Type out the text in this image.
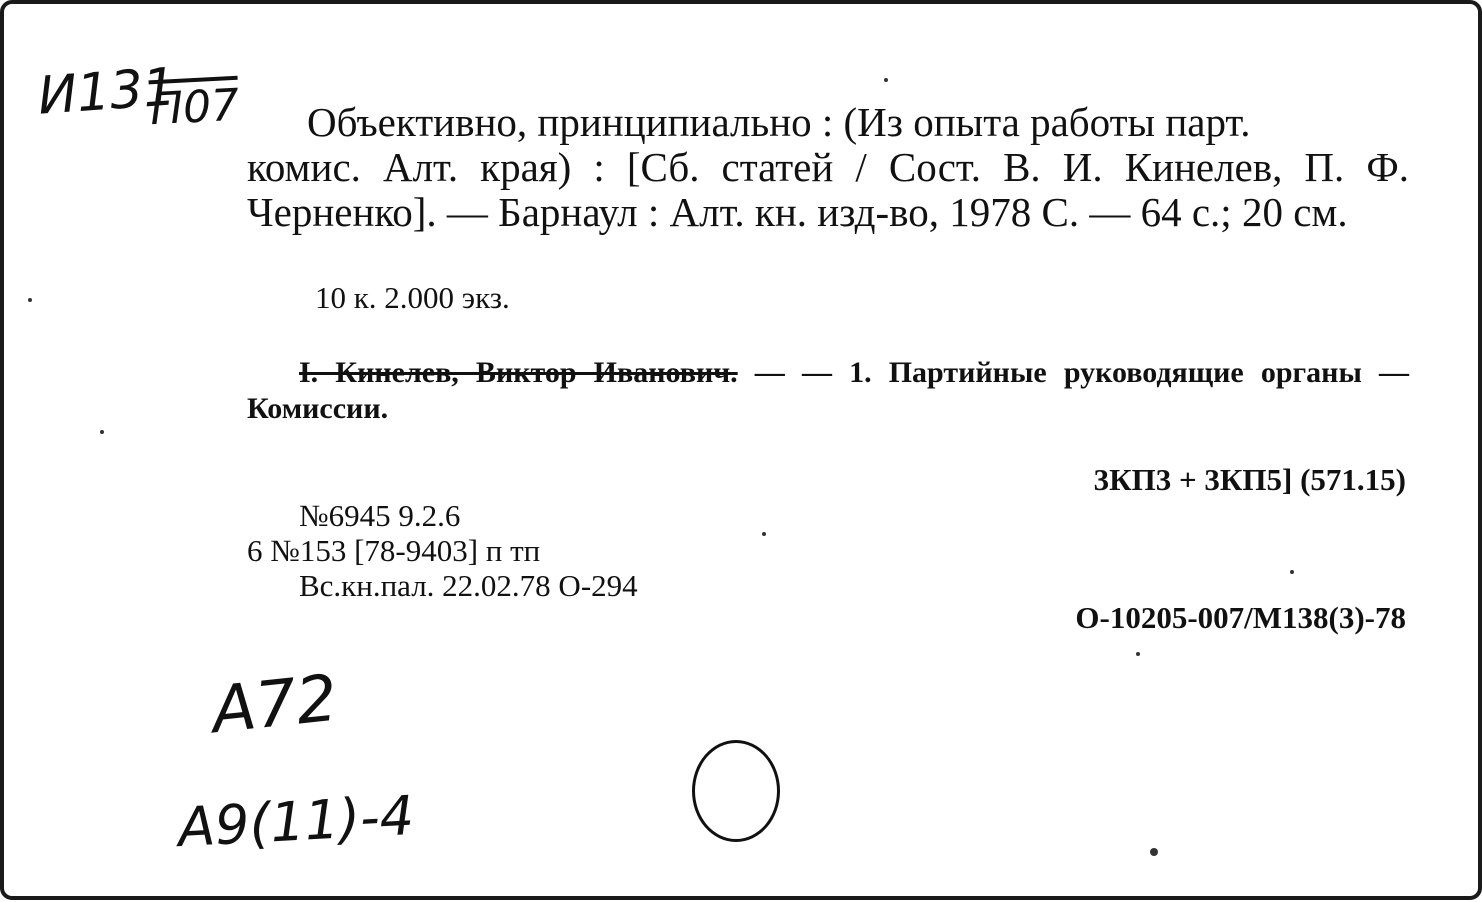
И131
П07 Объективно, принципиально : (Из опыта работы парт.
комис. Алт. края) : [Сб. статей / Сост. В. И. Кинелев, П. Ф. Черненко]. — Барнаул : Алт. кн. изд-во, 1978 С. — 64 с.; 20 см.
10 к. 2.000 экз.
I. Кинелев, Виктор Иванович. — — 1. Партийные руководящие органы — Комиссии.
3КП3 + 3КП5] (571.15)
№6945 9.2.6
6 №153 [78-9403] п тп
Вс.кн.пал. 22.02.78 О-294
О-10205-007/М138(3)-78
А72
А9(11)-4
